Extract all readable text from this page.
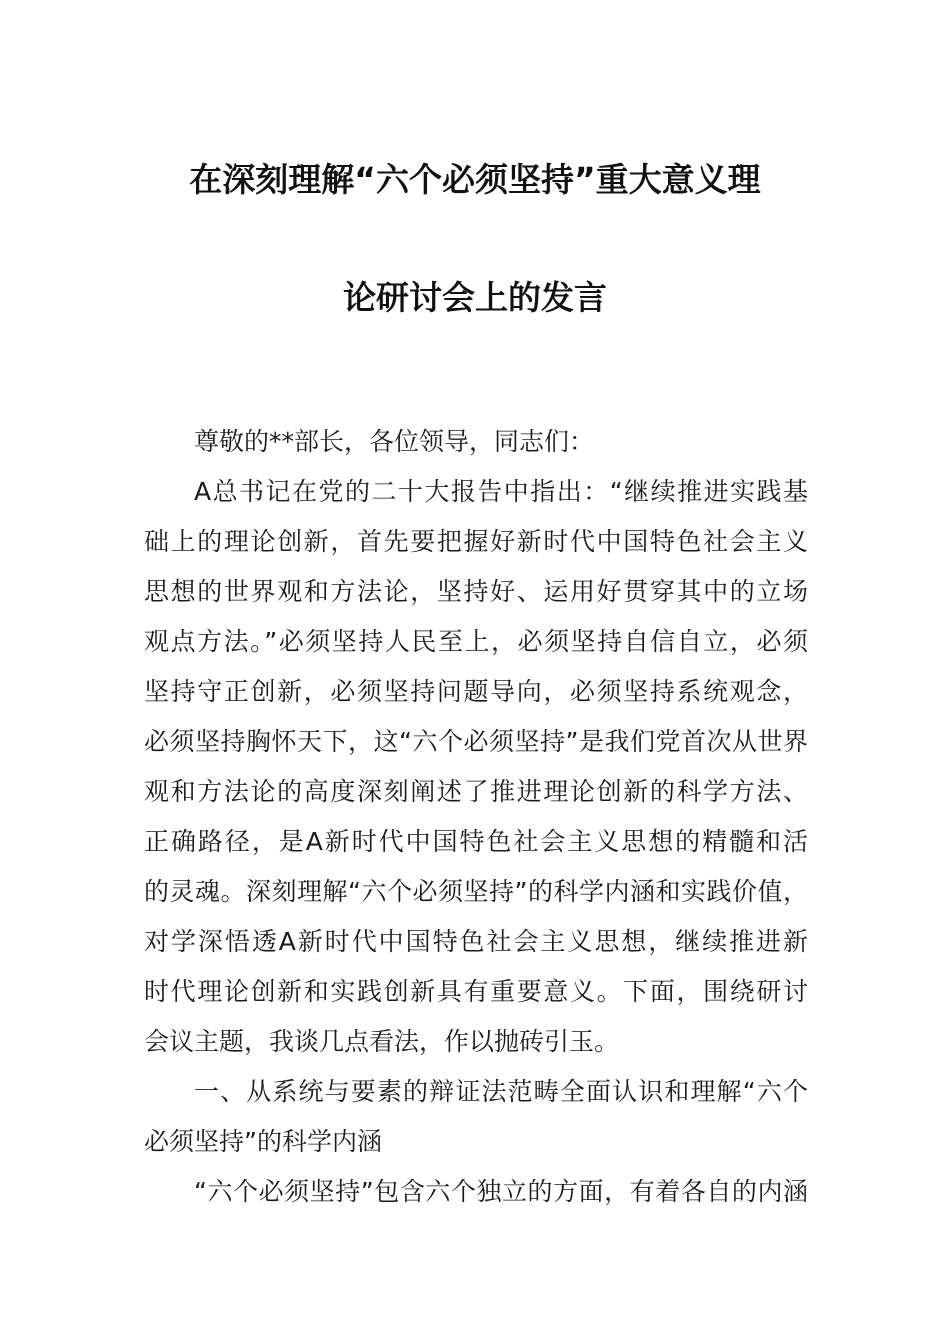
在深刻理解“六个必须坚持”重大意义理
论研讨会上的发言
尊敬的**部长，各位领导，同志们：
A总书记在党的二十大报告中指出：“继续推进实践基
础上的理论创新，首先要把握好新时代中国特色社会主义
思想的世界观和方法论，坚持好、运用好贯穿其中的立场
观点方法。”必须坚持人民至上，必须坚持自信自立，必须
坚持守正创新，必须坚持问题导向，必须坚持系统观念，
必须坚持胸怀天下，这“六个必须坚持”是我们党首次从世界
观和方法论的高度深刻阐述了推进理论创新的科学方法、
正确路径，是A新时代中国特色社会主义思想的精髓和活
的灵魂。深刻理解“六个必须坚持”的科学内涵和实践价值，
对学深悟透A新时代中国特色社会主义思想，继续推进新
时代理论创新和实践创新具有重要意义。下面，围绕研讨
会议主题，我谈几点看法，作以抛砖引玉。
一、从系统与要素的辩证法范畴全面认识和理解“六个
必须坚持”的科学内涵
“六个必须坚持”包含六个独立的方面，有着各自的内涵
